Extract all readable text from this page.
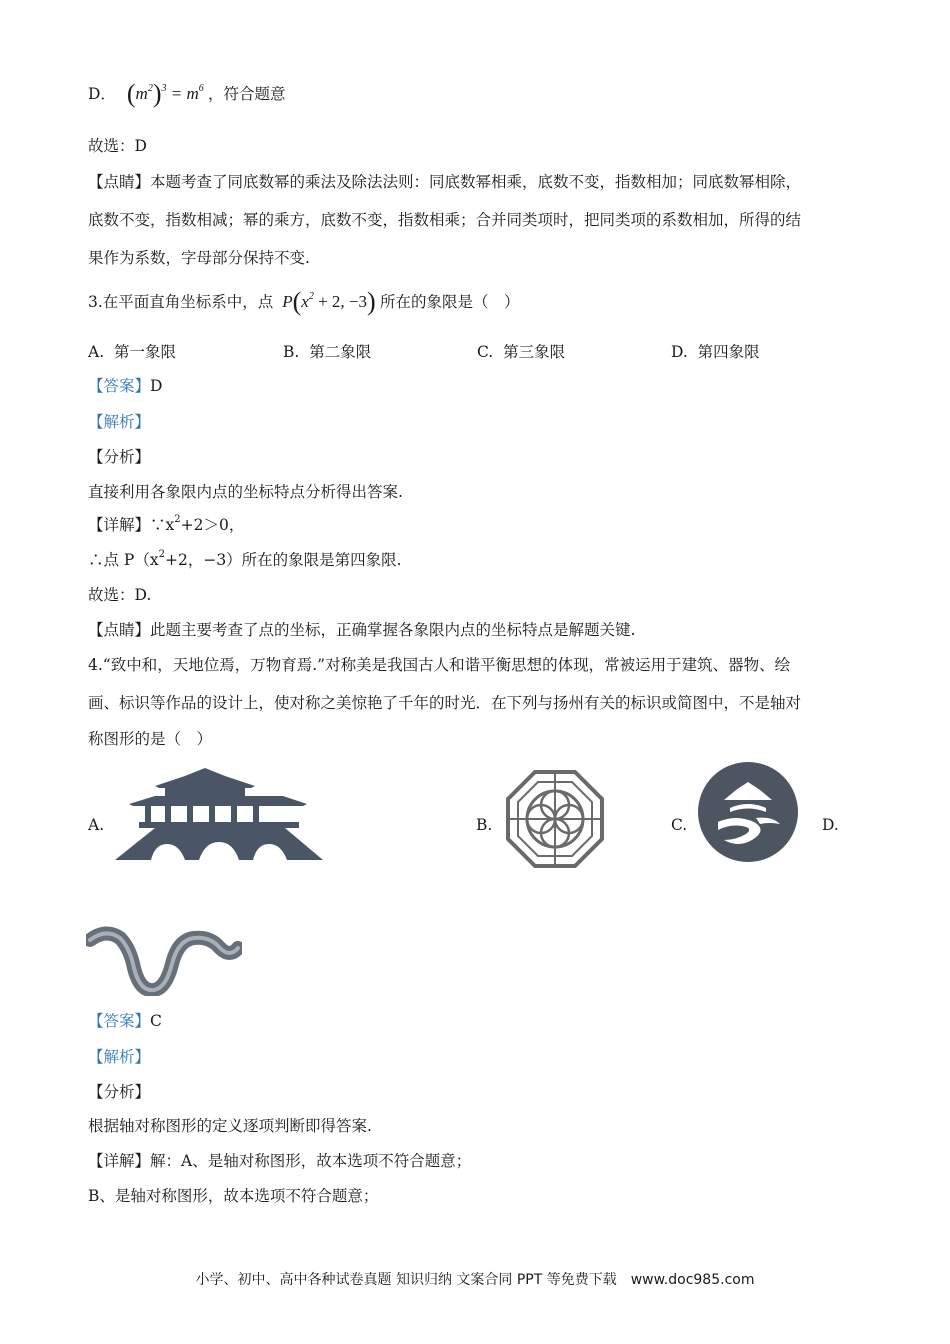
D． $(m^2)^3 = m^6$ ，符合题意
故选：D
【点睛】本题考查了同底数幂的乘法及除法法则：同底数幂相乘，底数不变，指数相加；同底数幂相除，
底数不变，指数相减；幂的乘方，底数不变，指数相乘；合并同类项时，把同类项的系数相加，所得的结
果作为系数，字母部分保持不变.
3.在平面直角坐标系中，点 $P(x^2 + 2$, −3) 所在的象限是（　）
A. 第一象限	B. 第二象限	C. 第三象限	D. 第四象限
【答案】D
【解析】
【分析】
直接利用各象限内点的坐标特点分析得出答案.
【详解】$\because x^2+2>0$，
∴点 $P(x^2+2$，−3）所在的象限是第四象限.
故选：D.
【点睛】此题主要考查了点的坐标，正确掌握各象限内点的坐标特点是解题关键.
4.“致中和，天地位焉，万物育焉.”对称美是我国古人和谐平衡思想的体现，常被运用于建筑、器物、绘
画、标识等作品的设计上，使对称之美惊艳了千年的时光．在下列与扬州有关的标识或简图中，不是轴对
称图形的是（　）
A.	B.	C.	D.
【答案】C
【解析】
【分析】
根据轴对称图形的定义逐项判断即得答案.
【详解】解：A、是轴对称图形，故本选项不符合题意；
B、是轴对称图形，故本选项不符合题意；
小学、初中、高中各种试卷真题 知识归纳 文案合同 PPT 等免费下载　www.doc985.com
